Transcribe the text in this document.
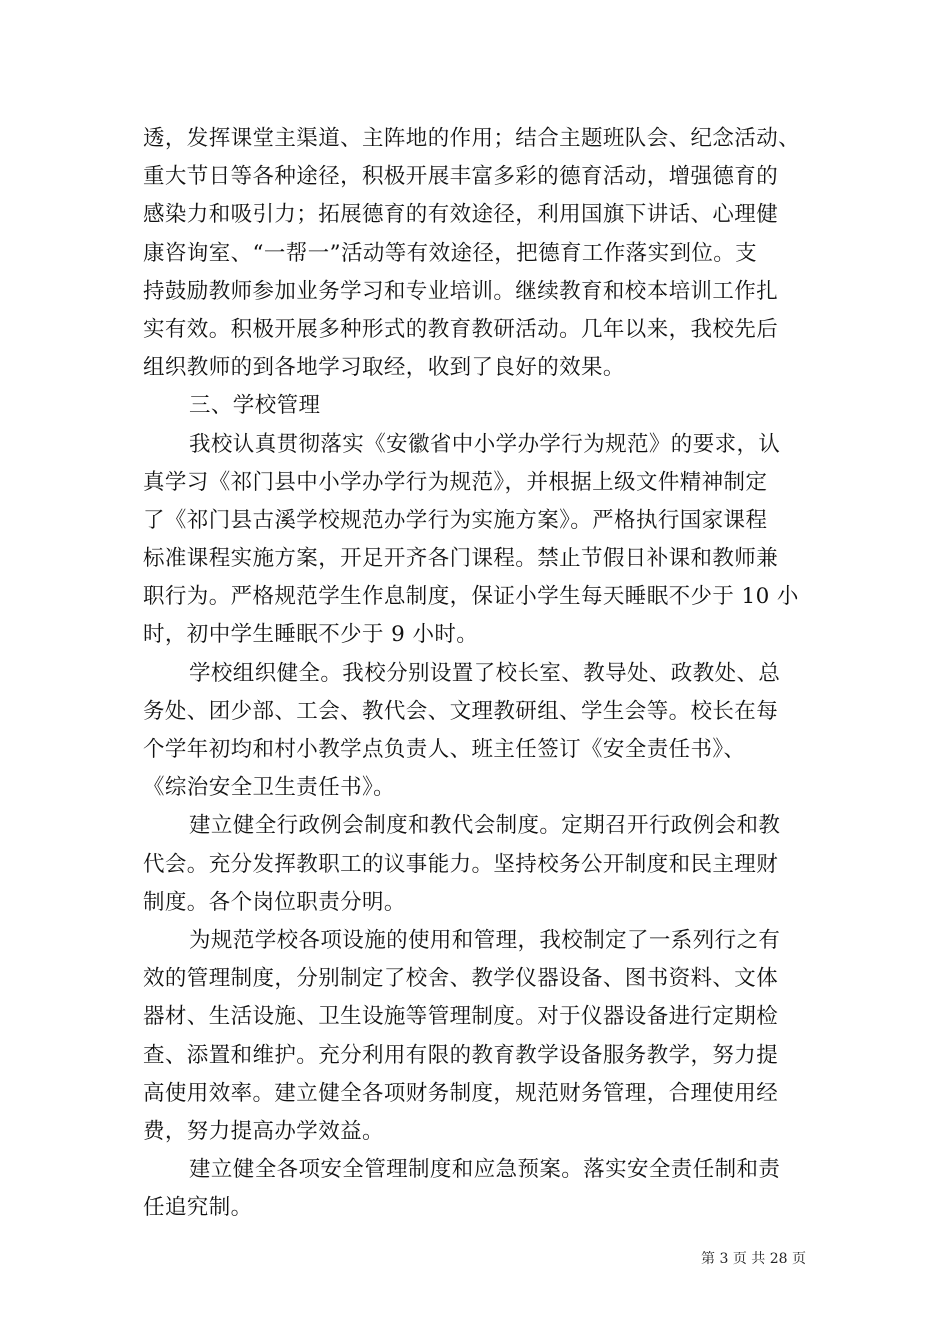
透，发挥课堂主渠道、主阵地的作用；结合主题班队会、纪念活动、
重大节日等各种途径，积极开展丰富多彩的德育活动，增强德育的
感染力和吸引力；拓展德育的有效途径，利用国旗下讲话、心理健
康咨询室、“一帮一”活动等有效途径，把德育工作落实到位。支
持鼓励教师参加业务学习和专业培训。继续教育和校本培训工作扎
实有效。积极开展多种形式的教育教研活动。几年以来，我校先后
组织教师的到各地学习取经，收到了良好的效果。
三、学校管理
我校认真贯彻落实《安徽省中小学办学行为规范》的要求，认
真学习《祁门县中小学办学行为规范》，并根据上级文件精神制定
了《祁门县古溪学校规范办学行为实施方案》。严格执行国家课程
标准课程实施方案，开足开齐各门课程。禁止节假日补课和教师兼
职行为。严格规范学生作息制度，保证小学生每天睡眠不少于 10 小
时，初中学生睡眠不少于 9 小时。
学校组织健全。我校分别设置了校长室、教导处、政教处、总
务处、团少部、工会、教代会、文理教研组、学生会等。校长在每
个学年初均和村小教学点负责人、班主任签订《安全责任书》、
《综治安全卫生责任书》。
建立健全行政例会制度和教代会制度。定期召开行政例会和教
代会。充分发挥教职工的议事能力。坚持校务公开制度和民主理财
制度。各个岗位职责分明。
为规范学校各项设施的使用和管理，我校制定了一系列行之有
效的管理制度，分别制定了校舍、教学仪器设备、图书资料、文体
器材、生活设施、卫生设施等管理制度。对于仪器设备进行定期检
查、添置和维护。充分利用有限的教育教学设备服务教学，努力提
高使用效率。建立健全各项财务制度，规范财务管理，合理使用经
费，努力提高办学效益。
建立健全各项安全管理制度和应急预案。落实安全责任制和责
任追究制。
第 3 页 共 28 页
